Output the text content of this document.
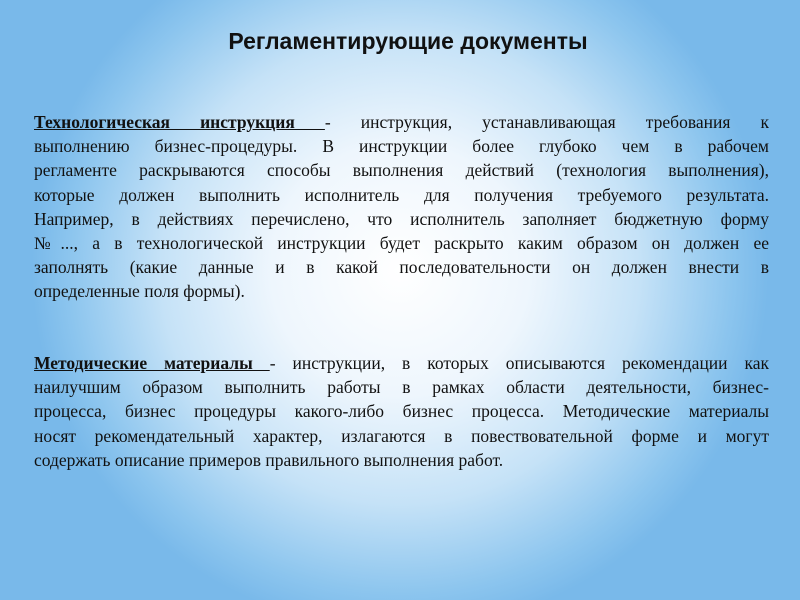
Регламентирующие документы
Технологическая инструкция - инструкция, устанавливающая требования к
выполнению бизнес-процедуры. В инструкции более глубоко чем в рабочем
регламенте раскрываются способы выполнения действий (технология выполнения),
которые должен выполнить исполнитель для получения требуемого результата.
Например, в действиях перечислено, что исполнитель заполняет бюджетную форму
№..., а в технологической инструкции будет раскрыто каким образом он должен ее
заполнять (какие данные и в какой последовательности он должен внести в
определенные поля формы).
Методические материалы - инструкции, в которых описываются рекомендации как
наилучшим образом выполнить работы в рамках области деятельности, бизнес-
процесса, бизнес процедуры какого-либо бизнес процесса. Методические материалы
носят рекомендательный характер, излагаются в повествовательной форме и могут
содержать описание примеров правильного выполнения работ.
